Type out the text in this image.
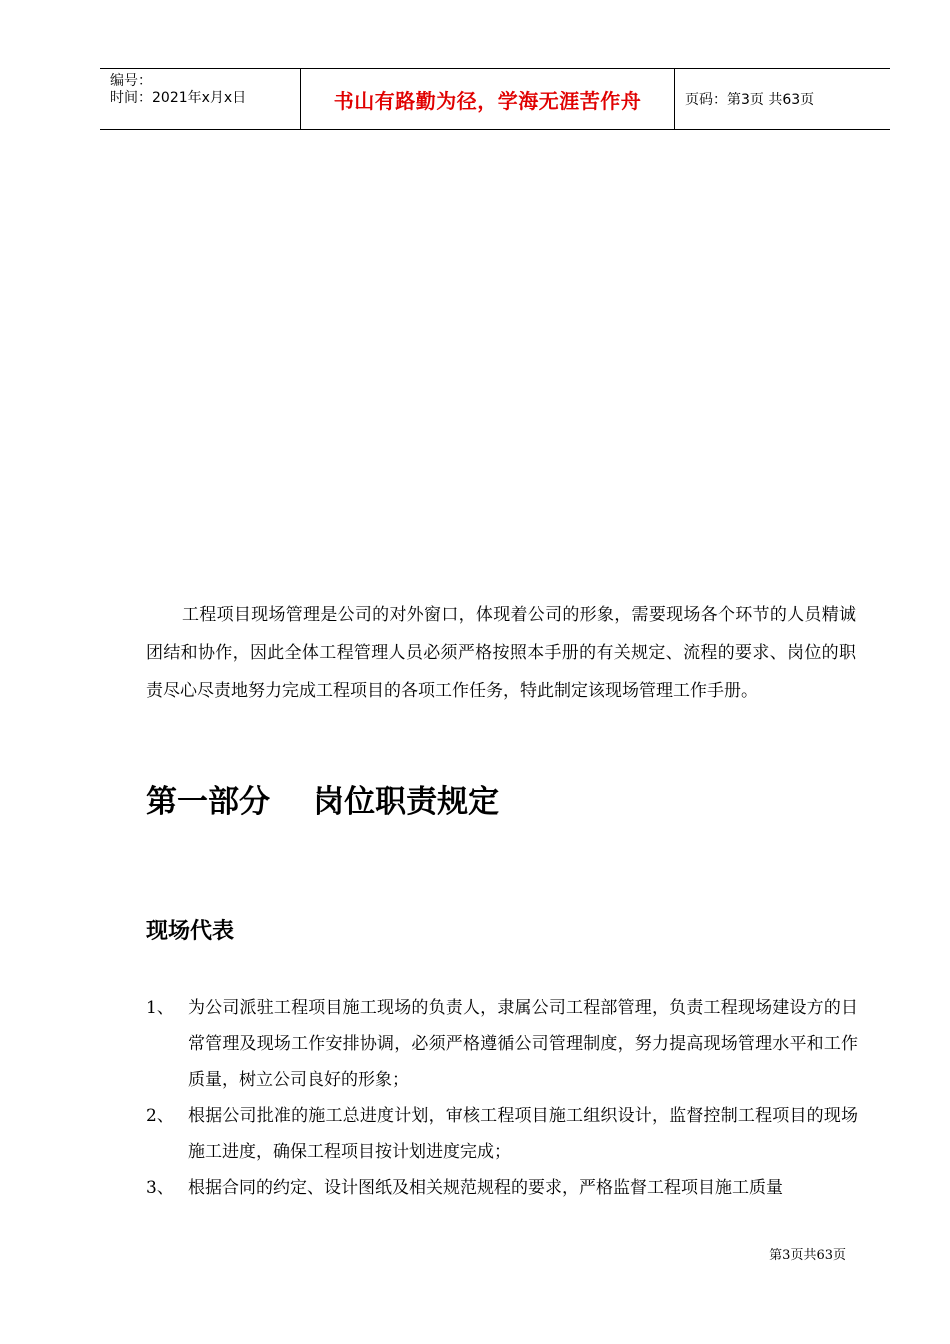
编号：
时间：2021年x月x日	书山有路勤为径，学海无涯苦作舟	页码：第3页 共63页

工程项目现场管理是公司的对外窗口，体现着公司的形象，需要现场各个环节的人员精诚团结和协作，因此全体工程管理人员必须严格按照本手册的有关规定、流程的要求、岗位的职责尽心尽责地努力完成工程项目的各项工作任务，特此制定该现场管理工作手册。

第一部分    岗位职责规定
现场代表
1、 为公司派驻工程项目施工现场的负责人，隶属公司工程部管理，负责工程现场建设方的日常管理及现场工作安排协调，必须严格遵循公司管理制度，努力提高现场管理水平和工作质量，树立公司良好的形象；
2、 根据公司批准的施工总进度计划，审核工程项目施工组织设计，监督控制工程项目的现场施工进度，确保工程项目按计划进度完成；
3、 根据合同的约定、设计图纸及相关规范规程的要求，严格监督工程项目施工质量
第3页共63页
